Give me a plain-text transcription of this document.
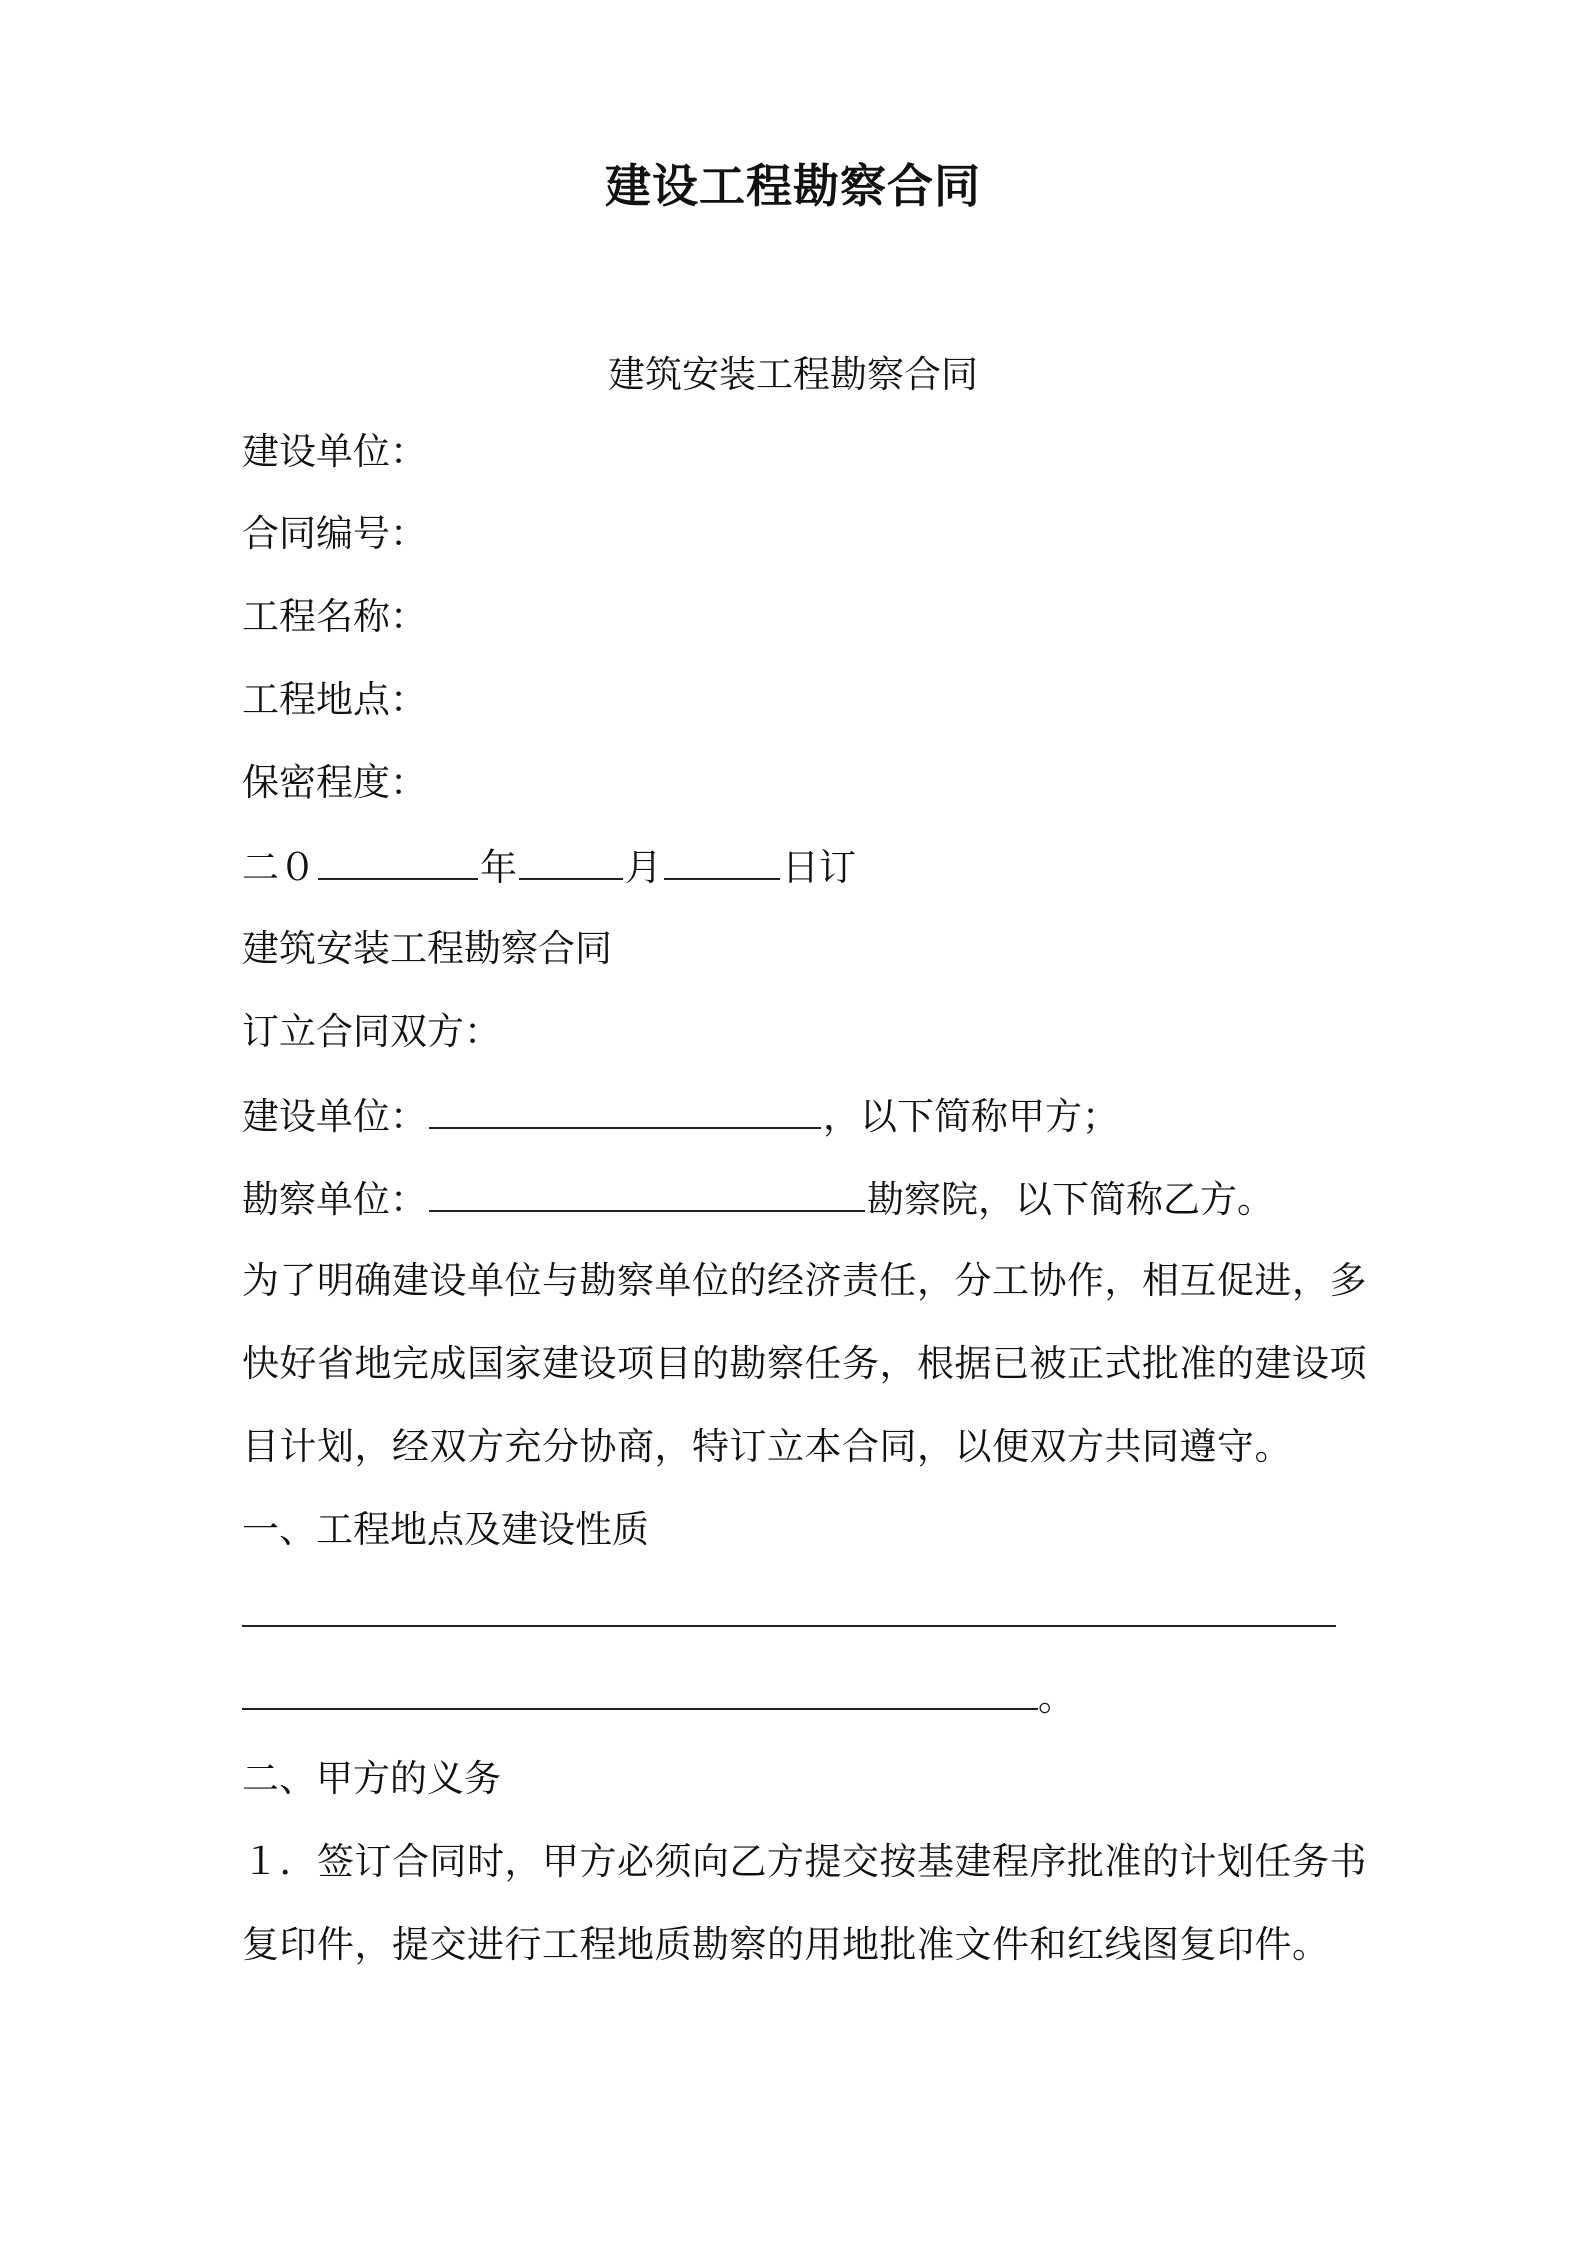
建设工程勘察合同
建筑安装工程勘察合同
建设单位：
合同编号：
工程名称：
工程地点：
保密程度：
二０	年	月	日订
建筑安装工程勘察合同
订立合同双方：
建设单位：	，以下简称甲方；
勘察单位：	勘察院，以下简称乙方。
为了明确建设单位与勘察单位的经济责任，分工协作，相互促进，多
快好省地完成国家建设项目的勘察任务，根据已被正式批准的建设项
目计划，经双方充分协商，特订立本合同，以便双方共同遵守。
一、工程地点及建设性质
。
二、甲方的义务
１．签订合同时，甲方必须向乙方提交按基建程序批准的计划任务书
复印件，提交进行工程地质勘察的用地批准文件和红线图复印件。
